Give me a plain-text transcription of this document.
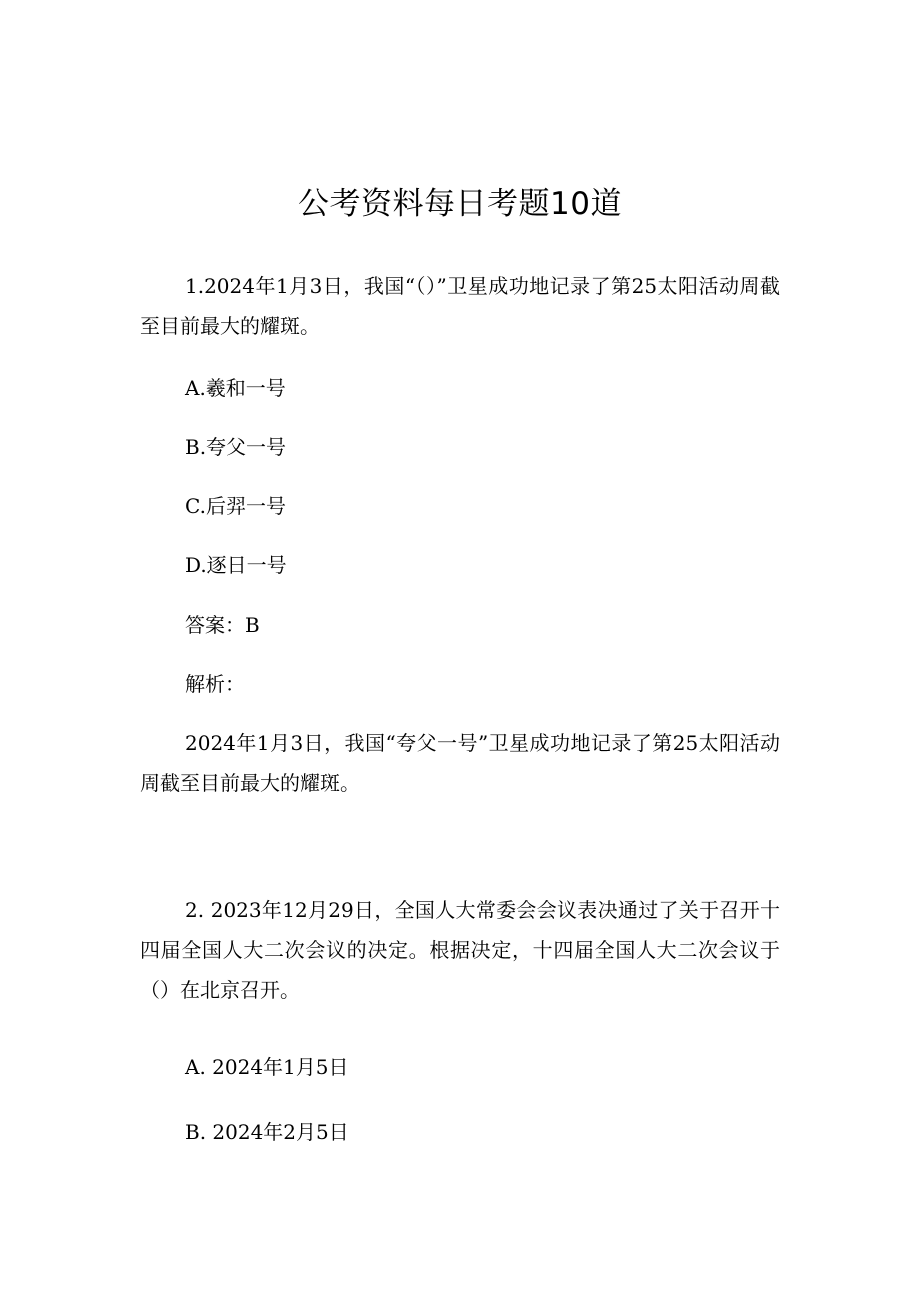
公考资料每日考题10道
1.2024年1月3日，我国“（）”卫星成功地记录了第25太阳活动周截至目前最大的耀斑。
A.羲和一号
B.夸父一号
C.后羿一号
D.逐日一号
答案：B
解析：
2024年1月3日，我国“夸父一号”卫星成功地记录了第25太阳活动周截至目前最大的耀斑。
2. 2023年12月29日，全国人大常委会会议表决通过了关于召开十四届全国人大二次会议的决定。根据决定，十四届全国人大二次会议于（）在北京召开。
A. 2024年1月5日
B. 2024年2月5日
